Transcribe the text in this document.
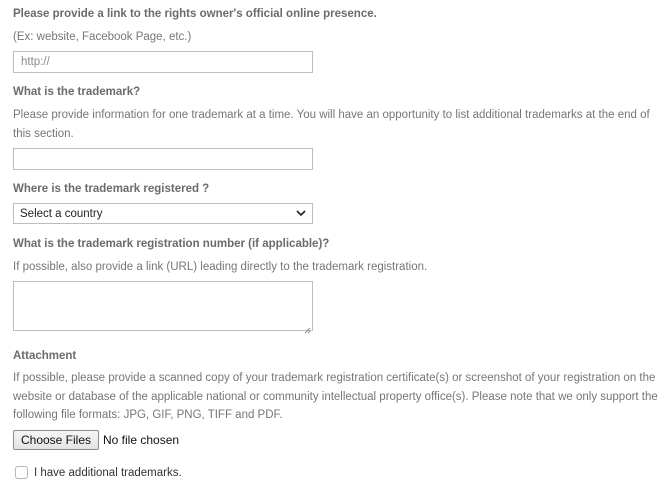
Please provide a link to the rights owner's official online presence.
(Ex: website, Facebook Page, etc.)
http://
What is the trademark?
Please provide information for one trademark at a time. You will have an opportunity to list additional trademarks at the end of this section.
Where is the trademark registered ?
Select a country
What is the trademark registration number (if applicable)?
If possible, also provide a link (URL) leading directly to the trademark registration.
Attachment
If possible, please provide a scanned copy of your trademark registration certificate(s) or screenshot of your registration on the website or database of the applicable national or community intellectual property office(s). Please note that we only support the following file formats: JPG, GIF, PNG, TIFF and PDF.
Choose Files No file chosen
I have additional trademarks.
